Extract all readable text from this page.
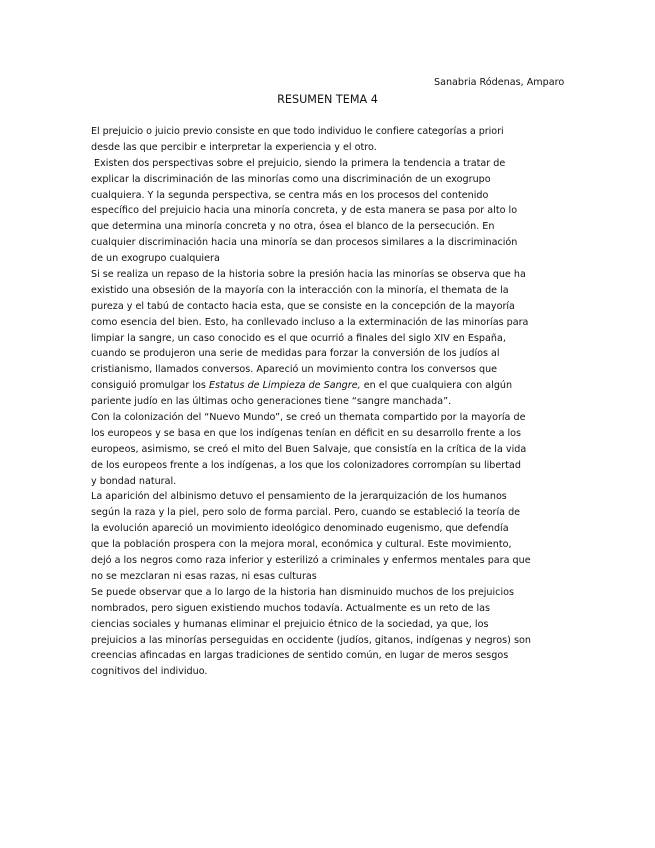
Sanabria Ródenas, Amparo
RESUMEN TEMA 4

El prejuicio o juicio previo consiste en que todo individuo le confiere categorías a priori
desde las que percibir e interpretar la experiencia y el otro.

Existen dos perspectivas sobre el prejuicio, siendo la primera la tendencia a tratar de
explicar la discriminación de las minorías como una discriminación de un exogrupo
cualquiera. Y la segunda perspectiva, se centra más en los procesos del contenido
específico del prejuicio hacia una minoría concreta, y de esta manera se pasa por alto lo
que determina una minoría concreta y no otra, ósea el blanco de la persecución. En
cualquier discriminación hacia una minoría se dan procesos similares a la discriminación
de un exogrupo cualquiera

Si se realiza un repaso de la historia sobre la presión hacia las minorías se observa que ha
existido una obsesión de la mayoría con la interacción con la minoría, el themata de la
pureza y el tabú de contacto hacia esta, que se consiste en la concepción de la mayoría
como esencia del bien. Esto, ha conllevado incluso a la exterminación de las minorías para
limpiar la sangre, un caso conocido es el que ocurrió a finales del siglo XIV en España,
cuando se produjeron una serie de medidas para forzar la conversión de los judíos al
cristianismo, llamados conversos. Apareció un movimiento contra los conversos que
consiguió promulgar los Estatus de Limpieza de Sangre, en el que cualquiera con algún
pariente judío en las últimas ocho generaciones tiene “sangre manchada”.

Con la colonización del “Nuevo Mundo”, se creó un themata compartido por la mayoría de
los europeos y se basa en que los indígenas tenían en déficit en su desarrollo frente a los
europeos, asimismo, se creó el mito del Buen Salvaje, que consistía en la crítica de la vida
de los europeos frente a los indígenas, a los que los colonizadores corrompían su libertad
y bondad natural.

La aparición del albinismo detuvo el pensamiento de la jerarquización de los humanos
según la raza y la piel, pero solo de forma parcial. Pero, cuando se estableció la teoría de
la evolución apareció un movimiento ideológico denominado eugenismo, que defendía
que la población prospera con la mejora moral, económica y cultural. Este movimiento,
dejó a los negros como raza inferior y esterilizó a criminales y enfermos mentales para que
no se mezclaran ni esas razas, ni esas culturas

Se puede observar que a lo largo de la historia han disminuido muchos de los prejuicios
nombrados, pero siguen existiendo muchos todavía. Actualmente es un reto de las
ciencias sociales y humanas eliminar el prejuicio étnico de la sociedad, ya que, los
prejuicios a las minorías perseguidas en occidente (judíos, gitanos, indígenas y negros) son
creencias afincadas en largas tradiciones de sentido común, en lugar de meros sesgos
cognitivos del individuo.
